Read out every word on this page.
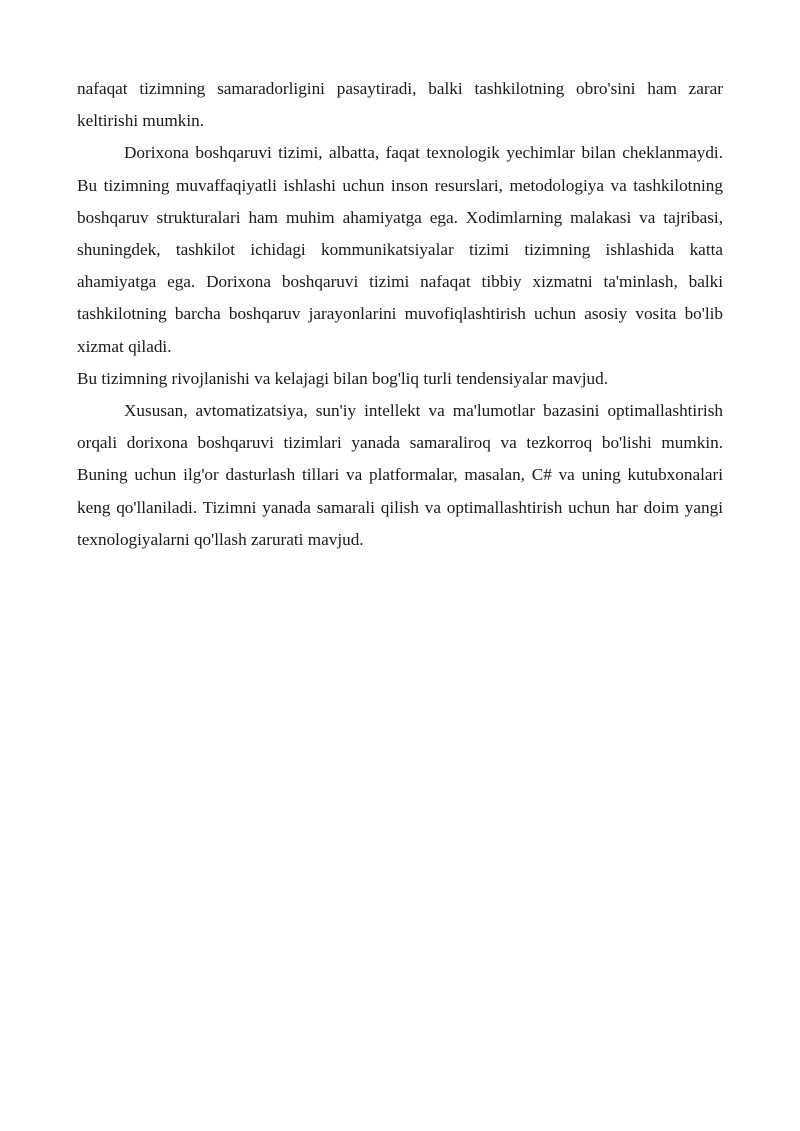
nafaqat tizimning samaradorligini pasaytiradi, balki tashkilotning obro'sini ham zarar keltirishi mumkin.

Dorixona boshqaruvi tizimi, albatta, faqat texnologik yechimlar bilan cheklanmaydi. Bu tizimning muvaffaqiyatli ishlashi uchun inson resurslari, metodologiya va tashkilotning boshqaruv strukturalari ham muhim ahamiyatga ega. Xodimlarning malakasi va tajribasi, shuningdek, tashkilot ichidagi kommunikatsiyalar tizimi tizimning ishlashida katta ahamiyatga ega. Dorixona boshqaruvi tizimi nafaqat tibbiy xizmatni ta'minlash, balki tashkilotning barcha boshqaruv jarayonlarini muvofiqlashtirish uchun asosiy vosita bo'lib xizmat qiladi.

Bu tizimning rivojlanishi va kelajagi bilan bog'liq turli tendensiyalar mavjud.

Xususan, avtomatizatsiya, sun'iy intellekt va ma'lumotlar bazasini optimallashtirish orqali dorixona boshqaruvi tizimlari yanada samaraliroq va tezkorroq bo'lishi mumkin. Buning uchun ilg'or dasturlash tillari va platformalar, masalan, C# va uning kutubxonalari keng qo'llaniladi. Tizimni yanada samarali qilish va optimallashtirish uchun har doim yangi texnologiyalarni qo'llash zarurati mavjud.
